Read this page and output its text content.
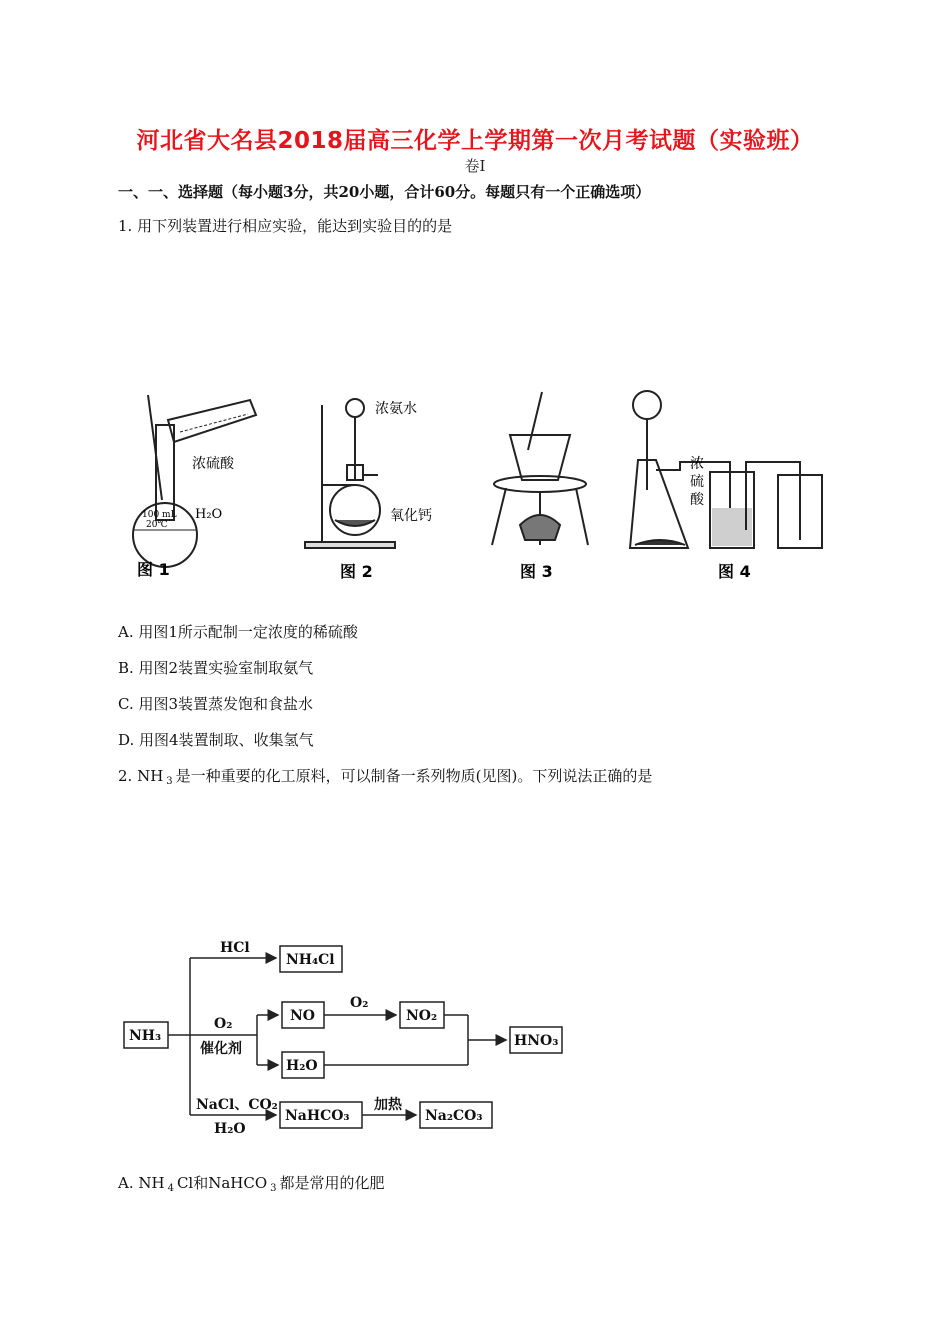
河北省大名县2018届高三化学上学期第一次月考试题（实验班）
卷I
一、一、选择题（每小题3分，共20小题，合计60分。每题只有一个正确选项）
1. 用下列装置进行相应实验，能达到实验目的的是
浓硫酸
100 mL
20℃
H₂O
图 1
浓氨水
氧化钙
图 2	图 3
浓
硫
酸
图 4
A. 用图1所示配制一定浓度的稀硫酸
B. 用图2装置实验室制取氨气
C. 用图3装置蒸发饱和食盐水
D. 用图4装置制取、收集氢气
2. NH $_3$ 是一种重要的化工原料，可以制备一系列物质(见图)。下列说法正确的是
NH₃
HCl
NH₄Cl
O₂
催化剂
NO
O₂
NO₂
H₂O
HNO₃
NaCl、CO₂
H₂O
NaHCO₃
加热
Na₂CO₃
A. NH $_4$ Cl和NaHCO $_3$ 都是常用的化肥
